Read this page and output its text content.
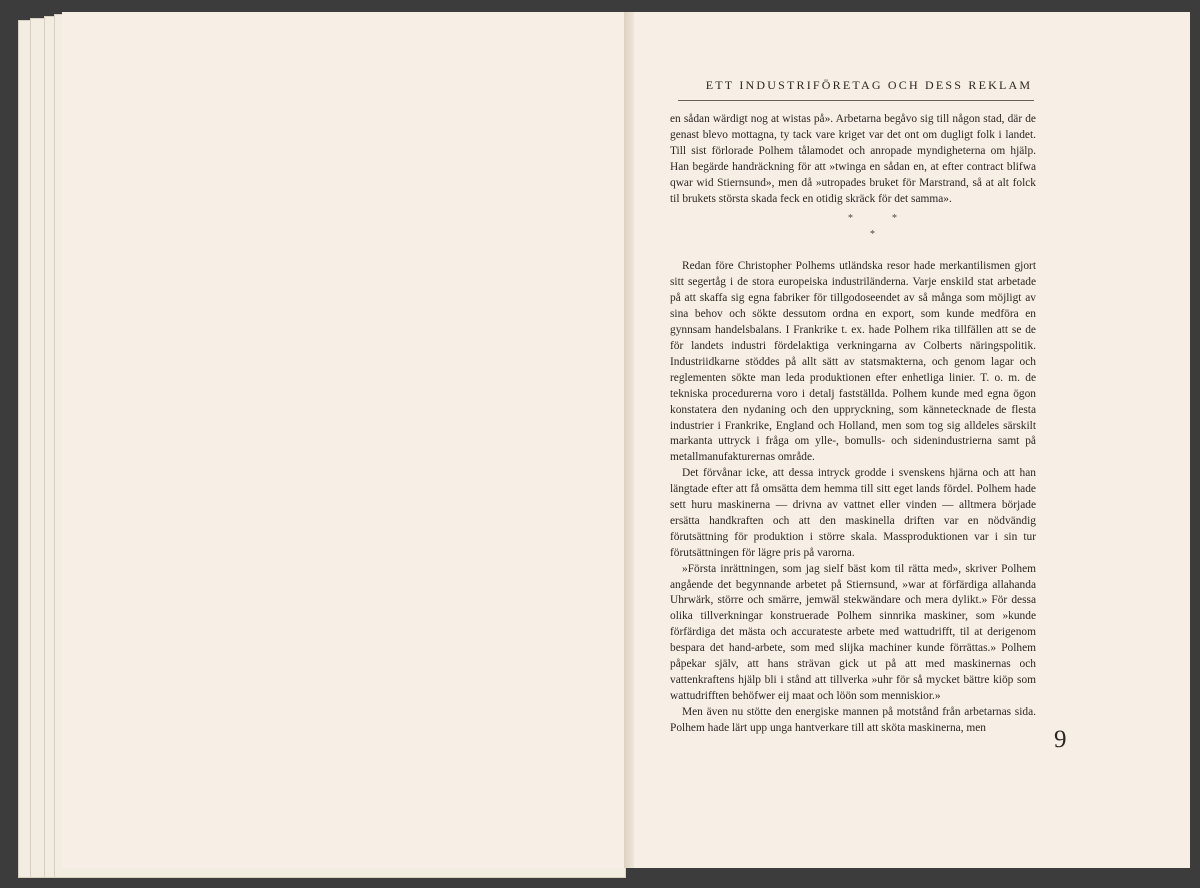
ETT INDUSTRIFÖRETAG OCH DESS REKLAM

en sådan wärdigt nog at wistas på». Arbetarna begåvo sig till någon stad, där de genast blevo mottagna, ty tack vare kriget var det ont om dugligt folk i landet. Till sist förlorade Polhem tålamodet och anropade myndigheterna om hjälp. Han begärde handräckning för att »twinga en sådan en, at efter contract blifwa qwar wid Stiernsund», men då »utropades bruket för Marstrand, så at alt folck til brukets största skada feck en otidig skräck för det samma».

*	*
*

Redan före Christopher Polhems utländska resor hade merkantilismen gjort sitt segertåg i de stora europeiska industriländerna. Varje enskild stat arbetade på att skaffa sig egna fabriker för tillgodoseendet av så många som möjligt av sina behov och sökte dessutom ordna en export, som kunde medföra en gynnsam handelsbalans. I Frankrike t. ex. hade Polhem rika tillfällen att se de för landets industri fördelaktiga verkningarna av Colberts näringspolitik. Industriidkarne stöddes på allt sätt av statsmakterna, och genom lagar och reglementen sökte man leda produktionen efter enhetliga linier. T. o. m. de tekniska procedurerna voro i detalj fastställda. Polhem kunde med egna ögon konstatera den nydaning och den uppryckning, som kännetecknade de flesta industrier i Frankrike, England och Holland, men som tog sig alldeles särskilt markanta uttryck i fråga om ylle-, bomulls- och sidenindustrierna samt på metallmanufakturernas område.

Det förvånar icke, att dessa intryck grodde i svenskens hjärna och att han längtade efter att få omsätta dem hemma till sitt eget lands fördel. Polhem hade sett huru maskinerna — drivna av vattnet eller vinden — alltmera började ersätta handkraften och att den maskinella driften var en nödvändig förutsättning för produktion i större skala. Massproduktionen var i sin tur förutsättningen för lägre pris på varorna.

»Första inrättningen, som jag sielf bäst kom til rätta med», skriver Polhem angående det begynnande arbetet på Stiernsund, »war at förfärdiga allahanda Uhrwärk, större och smärre, jemwäl stekwändare och mera dylikt.» För dessa olika tillverkningar konstruerade Polhem sinnrika maskiner, som »kunde förfärdiga det mästa och accurateste arbete med wattudrifft, til at derigenom bespara det hand-arbete, som med slijka machiner kunde förrättas.» Polhem påpekar själv, att hans strävan gick ut på att med maskinernas och vattenkraftens hjälp bli i stånd att tillverka »uhr för så mycket bättre kiöp som wattudrifften behöfwer eij maat och löön som menniskior.»

Men även nu stötte den energiske mannen på motstånd från arbetarnas sida. Polhem hade lärt upp unga hantverkare till att sköta maskinerna, men	9
